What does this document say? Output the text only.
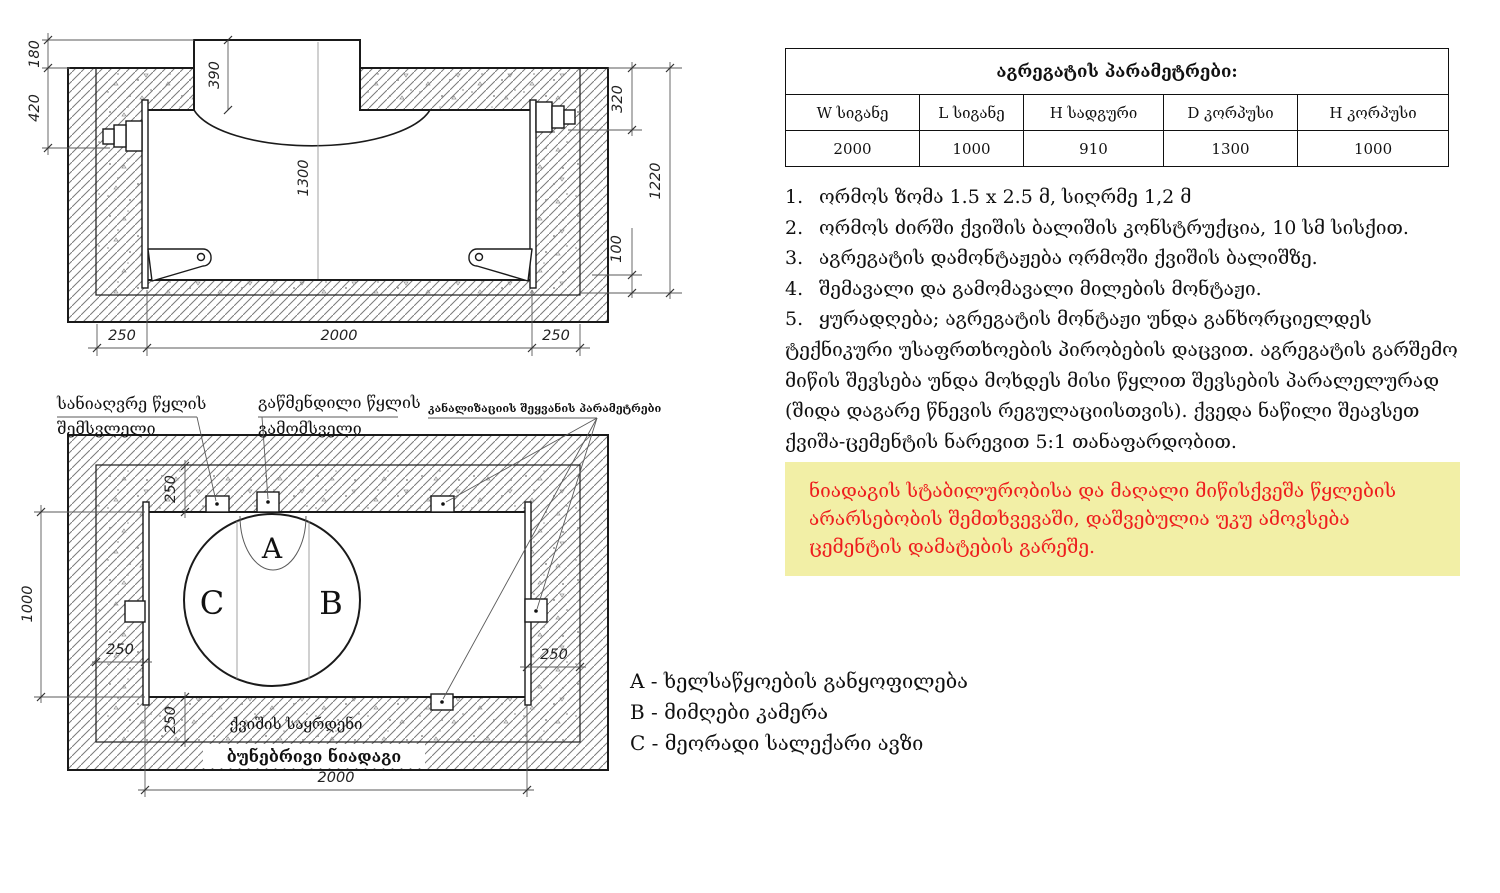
180
420
390
1300
320
100
1220
250	2000	250
A
C	B
სანიაღვრე წყლის
შემსვლელი
გაწმენდილი წყლის
გამომსველი
კანალიზაციის შეყვანის პარამეტრები
ქვიშის საყრდენი
ბუნებრივი ნიადაგი
1000
250
250	250
250
2000
აგრეგატის პარამეტრები:				
W სიგანე	L სიგანე	H სადგური	D კორპუსი	H კორპუსი
2000	1000	910	1300	1000

1. ორმოს ზომა 1.5 x 2.5 მ, სიღრმე 1,2 მ

2. ორმოს ძირში ქვიშის ბალიშის კონსტრუქცია, 10 სმ სისქით.

3. აგრეგატის დამონტაჟება ორმოში ქვიშის ბალიშზე.

4. შემავალი და გამომავალი მილების მონტაჟი.

5. ყურადღება; აგრეგატის მონტაჟი უნდა განხორციელდეს ტექნიკური უსაფრთხოების პირობების დაცვით. აგრეგატის გარშემო მიწის შევსება უნდა მოხდეს მისი წყლით შევსების პარალელურად (შიდა დაგარე წნევის რეგულაციისთვის). ქვედა ნაწილი შეავსეთ ქვიშა-ცემენტის ნარევით 5:1 თანაფარდობით.

ნიადაგის სტაბილურობისა და მაღალი მიწისქვეშა წყლების არარსებობის შემთხვევაში, დაშვებულია უკუ ამოვსება ცემენტის დამატების გარეშე.
A - ხელსაწყოების განყოფილება
B - მიმღები კამერა
C - მეორადი სალექარი ავზი
